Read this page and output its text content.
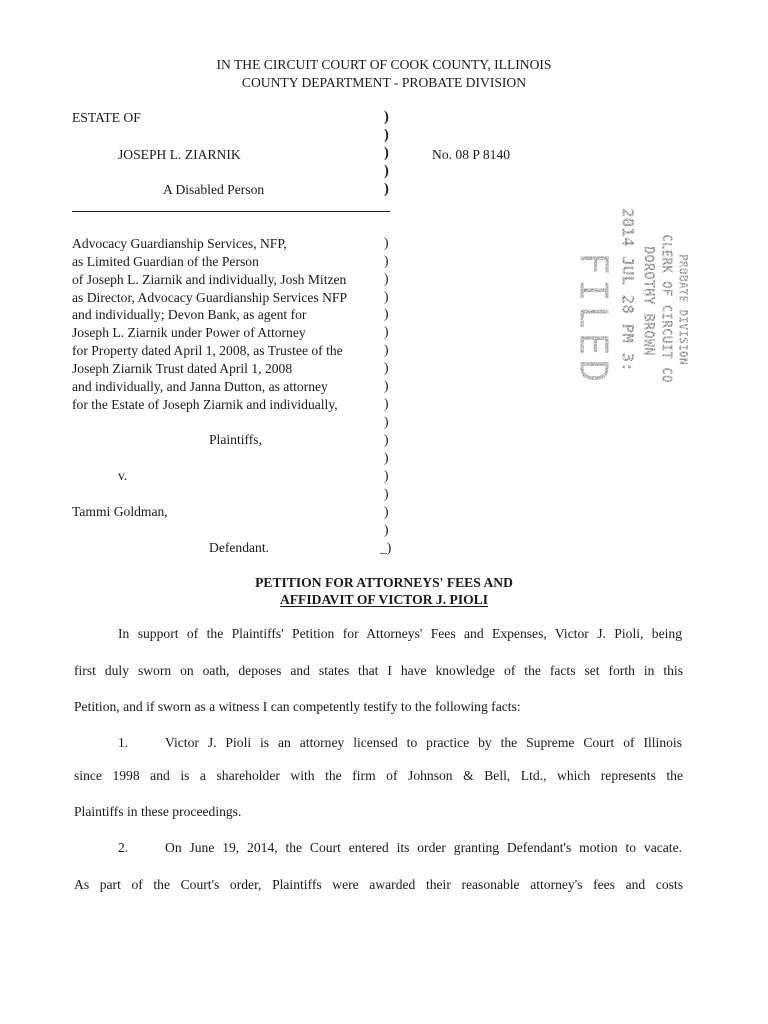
IN THE CIRCUIT COURT OF COOK COUNTY, ILLINOIS
COUNTY DEPARTMENT - PROBATE DIVISION
ESTATE OF
JOSEPH L. ZIARNIK
A Disabled Person
No. 08 P 8140
)
)
)
)
)
Advocacy Guardianship Services, NFP,
as Limited Guardian of the Person
of Joseph L. Ziarnik and individually, Josh Mitzen
as Director, Advocacy Guardianship Services NFP
and individually; Devon Bank, as agent for
Joseph L. Ziarnik under Power of Attorney
for Property dated April 1, 2008, as Trustee of the
Joseph Ziarnik Trust dated April 1, 2008
and individually, and Janna Dutton, as attorney
for the Estate of Joseph Ziarnik and individually,
Plaintiffs,
v.
Tammi Goldman,
Defendant.
)
)
)
)
)
)
)
)
)
)
)
)
)
)
)
)
)
_)
PROBATE DIVISION
CLERK OF CIRCUIT COURT
DOROTHY BROWN
2014 JUL 28 PM 3: 59
FILED
PETITION FOR ATTORNEYS' FEES AND
AFFIDAVIT OF VICTOR J. PIOLI
In support of the Plaintiffs' Petition for Attorneys' Fees and Expenses, Victor J. Pioli, being
first duly sworn on oath, deposes and states that I have knowledge of the facts set forth in this
Petition, and if sworn as a witness I can competently testify to the following facts:
1.	Victor J. Pioli is an attorney licensed to practice by the Supreme Court of Illinois
since 1998 and is a shareholder with the firm of Johnson & Bell, Ltd., which represents the
Plaintiffs in these proceedings.
2.	On June 19, 2014, the Court entered its order granting Defendant's motion to vacate.
As part of the Court's order, Plaintiffs were awarded their reasonable attorney's fees and costs
